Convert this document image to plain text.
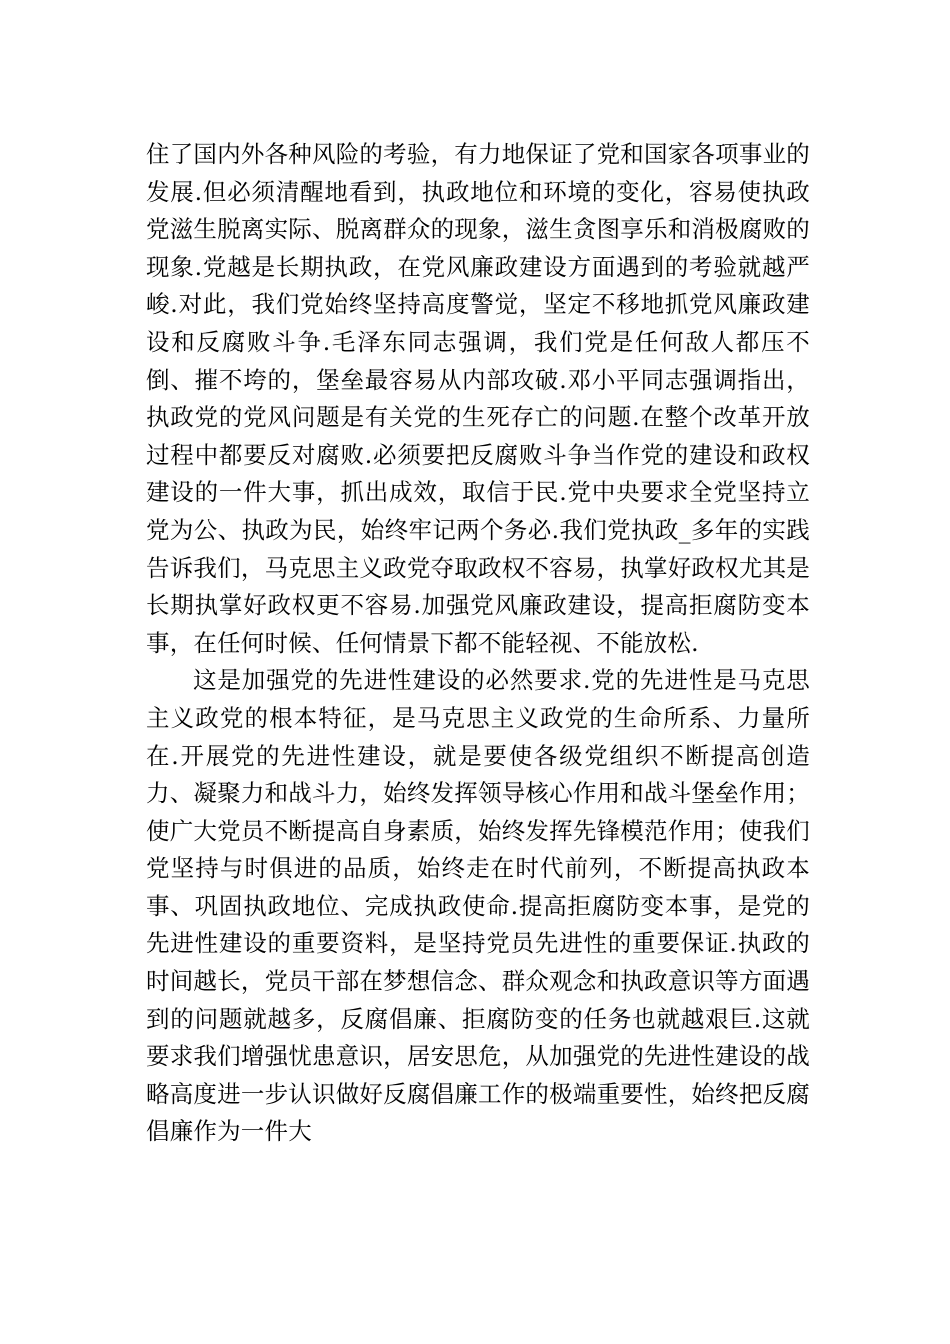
住了国内外各种风险的考验，有力地保证了党和国家各项事业的发展.但必须清醒地看到，执政地位和环境的变化，容易使执政党滋生脱离实际、脱离群众的现象，滋生贪图享乐和消极腐败的现象.党越是长期执政，在党风廉政建设方面遇到的考验就越严峻.对此，我们党始终坚持高度警觉，坚定不移地抓党风廉政建设和反腐败斗争.毛泽东同志强调，我们党是任何敌人都压不倒、摧不垮的，堡垒最容易从内部攻破.邓小平同志强调指出，执政党的党风问题是有关党的生死存亡的问题.在整个改革开放过程中都要反对腐败.必须要把反腐败斗争当作党的建设和政权建设的一件大事，抓出成效，取信于民.党中央要求全党坚持立党为公、执政为民，始终牢记两个务必.我们党执政_多年的实践告诉我们，马克思主义政党夺取政权不容易，执掌好政权尤其是长期执掌好政权更不容易.加强党风廉政建设，提高拒腐防变本事，在任何时候、任何情景下都不能轻视、不能放松.

这是加强党的先进性建设的必然要求.党的先进性是马克思主义政党的根本特征，是马克思主义政党的生命所系、力量所在.开展党的先进性建设，就是要使各级党组织不断提高创造力、凝聚力和战斗力，始终发挥领导核心作用和战斗堡垒作用；使广大党员不断提高自身素质，始终发挥先锋模范作用；使我们党坚持与时俱进的品质，始终走在时代前列，不断提高执政本事、巩固执政地位、完成执政使命.提高拒腐防变本事，是党的先进性建设的重要资料，是坚持党员先进性的重要保证.执政的时间越长，党员干部在梦想信念、群众观念和执政意识等方面遇到的问题就越多，反腐倡廉、拒腐防变的任务也就越艰巨.这就要求我们增强忧患意识，居安思危，从加强党的先进性建设的战略高度进一步认识做好反腐倡廉工作的极端重要性，始终把反腐倡廉作为一件大
